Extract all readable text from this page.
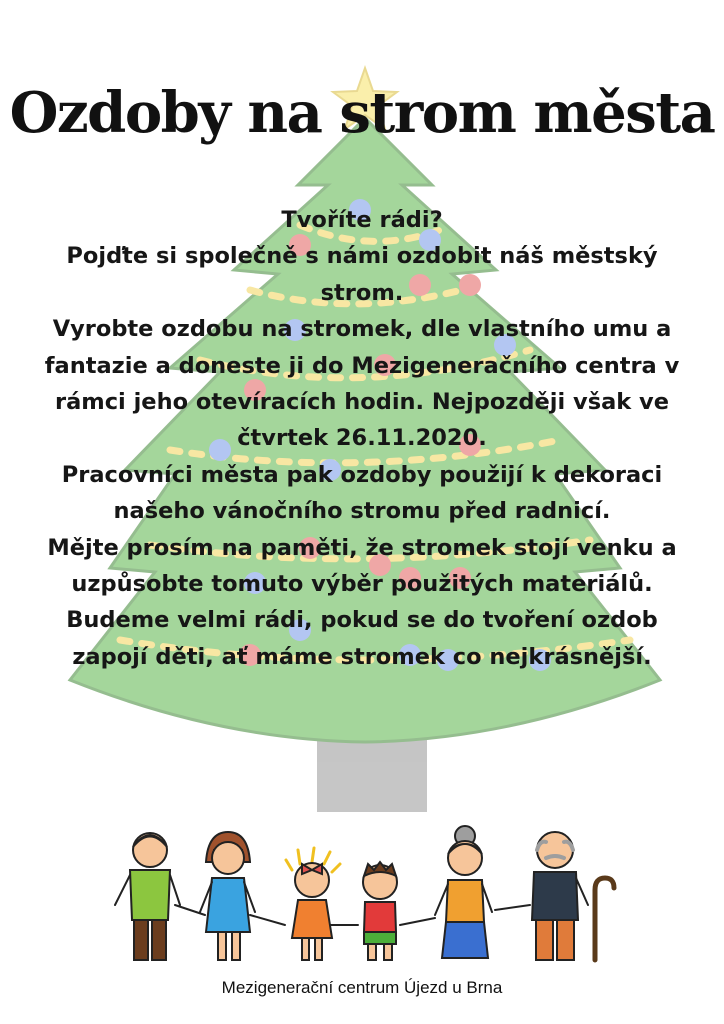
Ozdoby na strom města

Tvoříte rádi?

Pojďte si společně s námi ozdobit náš městský strom.

Vyrobte ozdobu na stromek, dle vlastního umu a fantazie a doneste ji do Mezigeneračního centra v rámci jeho otevíracích hodin. Nejpozději však ve čtvrtek 26.11.2020.

Pracovníci města pak ozdoby použijí k dekoraci našeho vánočního stromu před radnicí.

Mějte prosím na paměti, že stromek stojí venku a uzpůsobte tomuto výběr použitých materiálů.

Budeme velmi rádi, pokud se do tvoření ozdob zapojí děti, ať máme stromek co nejkrásnější.

Mezigenerační centrum Újezd u Brna
